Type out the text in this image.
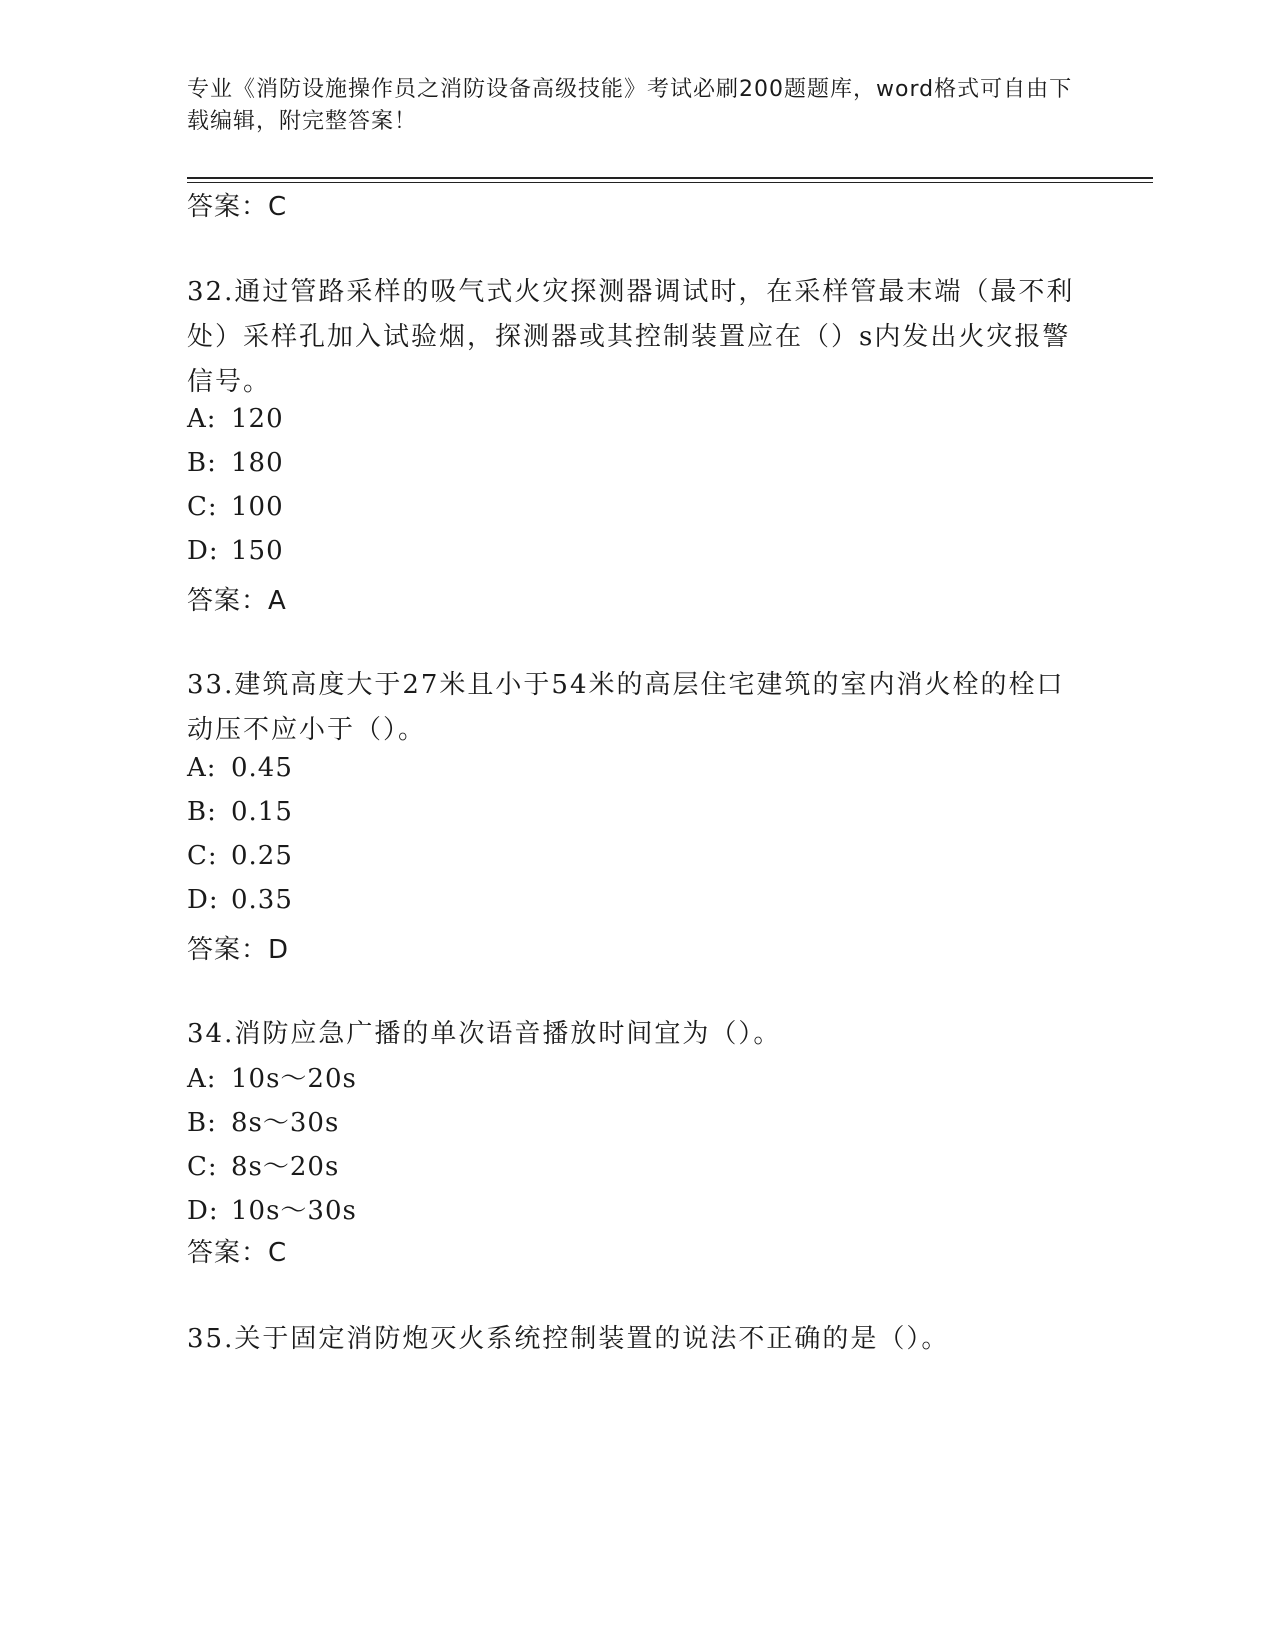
专业《消防设施操作员之消防设备高级技能》考试必刷200题题库，word格式可自由下载编辑，附完整答案！
答案：C
32.通过管路采样的吸气式火灾探测器调试时，在采样管最末端（最不利处）采样孔加入试验烟，探测器或其控制装置应在（）s内发出火灾报警信号。
A: 120
B: 180
C: 100
D: 150
答案：A
33.建筑高度大于27米且小于54米的高层住宅建筑的室内消火栓的栓口动压不应小于（）。
A: 0.45
B: 0.15
C: 0.25
D: 0.35
答案：D
34.消防应急广播的单次语音播放时间宜为（）。
A: 10s～20s
B: 8s～30s
C: 8s～20s
D: 10s～30s
答案：C
35.关于固定消防炮灭火系统控制装置的说法不正确的是（）。
